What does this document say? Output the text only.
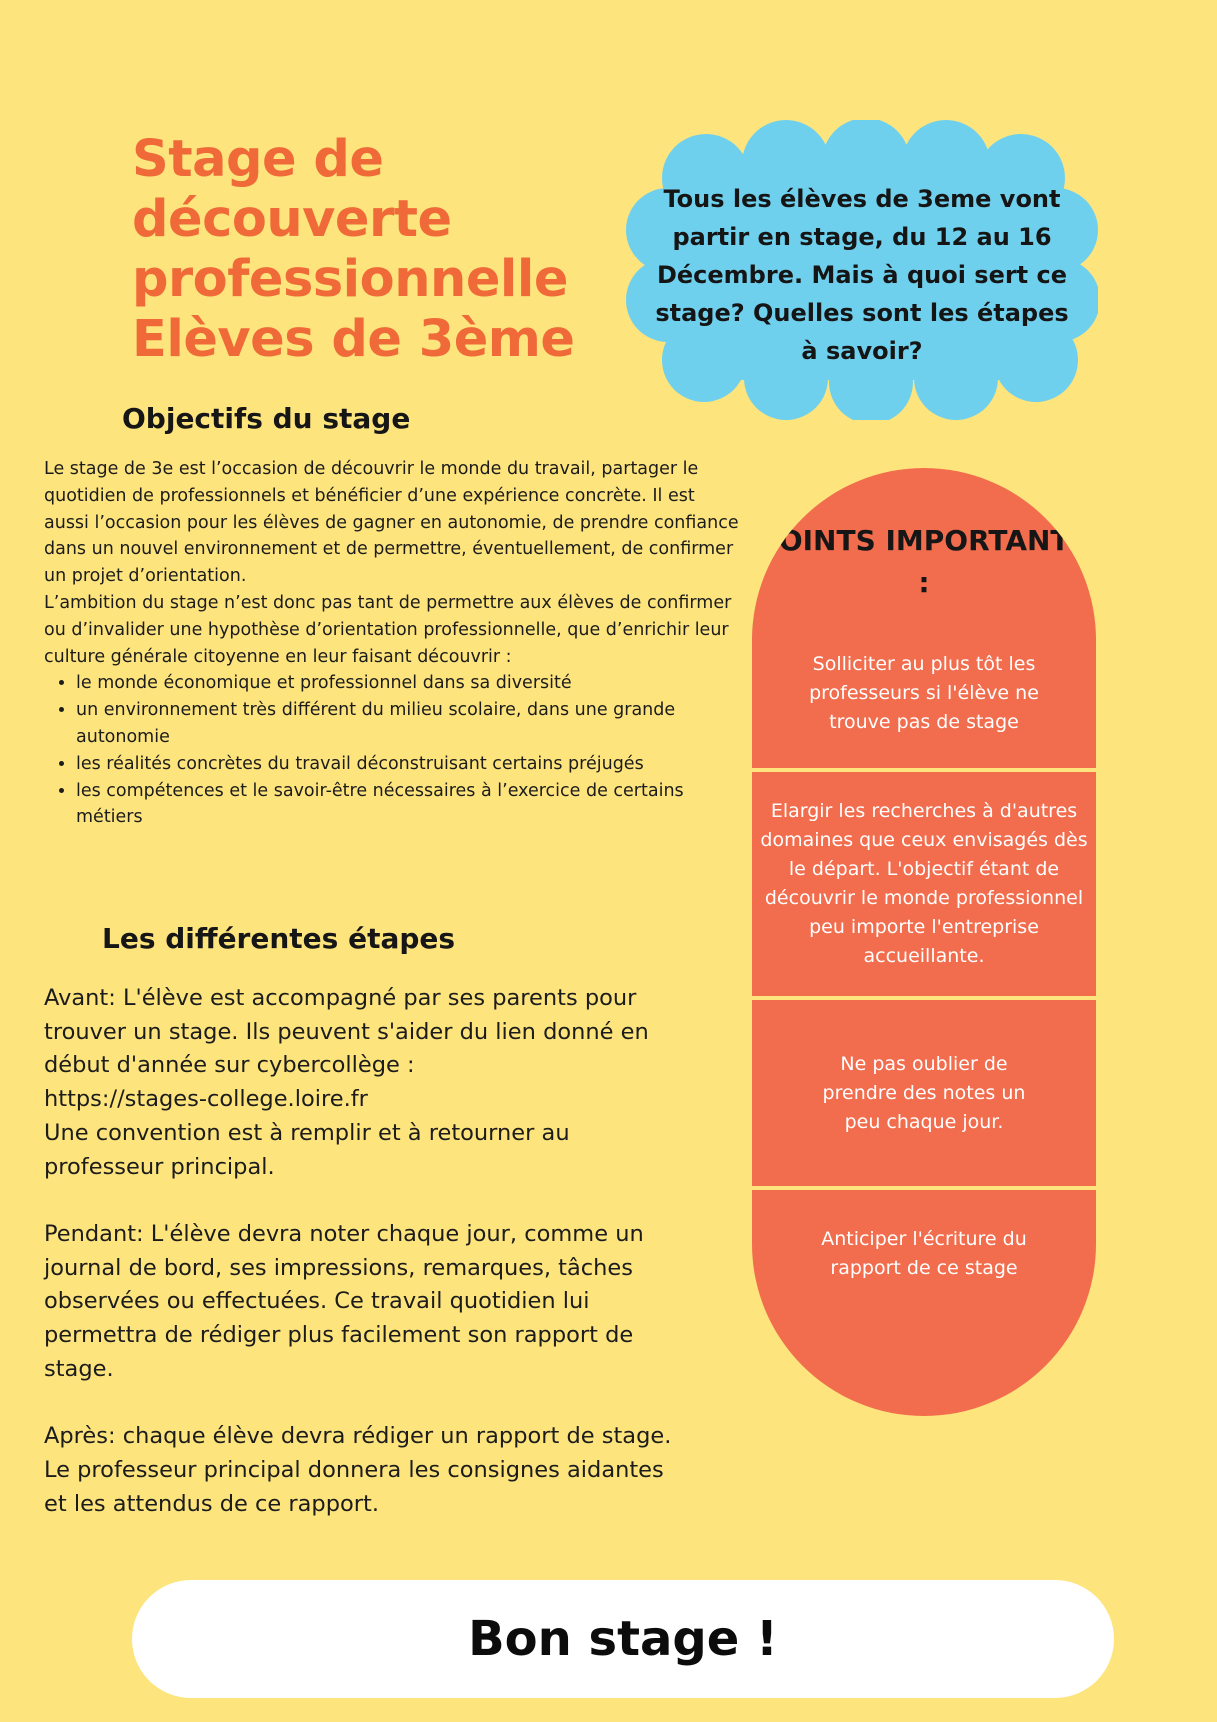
Stage de
découverte
professionnelle
Elèves de 3ème

Tous les élèves de 3eme vont partir en stage, du 12 au 16 Décembre. Mais à quoi sert ce stage? Quelles sont les étapes à savoir?

Objectifs du stage

Le stage de 3e est l’occasion de découvrir le monde du travail, partager le quotidien de professionnels et bénéficier d’une expérience concrète. Il est aussi l’occasion pour les élèves de gagner en autonomie, de prendre confiance dans un nouvel environnement et de permettre, éventuellement, de confirmer un projet d’orientation.

L’ambition du stage n’est donc pas tant de permettre aux élèves de confirmer ou d’invalider une hypothèse d’orientation professionnelle, que d’enrichir leur culture générale citoyenne en leur faisant découvrir :

• le monde économique et professionnel dans sa diversité
• un environnement très différent du milieu scolaire, dans une grande autonomie
• les réalités concrètes du travail déconstruisant certains préjugés
• les compétences et le savoir-être nécessaires à l’exercice de certains métiers
Les différentes étapes

Avant: L'élève est accompagné par ses parents pour trouver un stage. Ils peuvent s'aider du lien donné en début d'année sur cybercollège :
https://stages-college.loire.fr
Une convention est à remplir et à retourner au professeur principal.

Pendant: L'élève devra noter chaque jour, comme un journal de bord, ses impressions, remarques, tâches observées ou effectuées. Ce travail quotidien lui permettra de rédiger plus facilement son rapport de stage.

Après: chaque élève devra rédiger un rapport de stage. Le professeur principal donnera les consignes aidantes et les attendus de ce rapport.

POINTS IMPORTANTS :
Solliciter au plus tôt les professeurs si l'élève ne trouve pas de stage
Elargir les recherches à d'autres domaines que ceux envisagés dès le départ. L'objectif étant de découvrir le monde professionnel peu importe l'entreprise accueillante.
Ne pas oublier de prendre des notes un peu chaque jour.
Anticiper l'écriture du rapport de ce stage
Bon stage !
